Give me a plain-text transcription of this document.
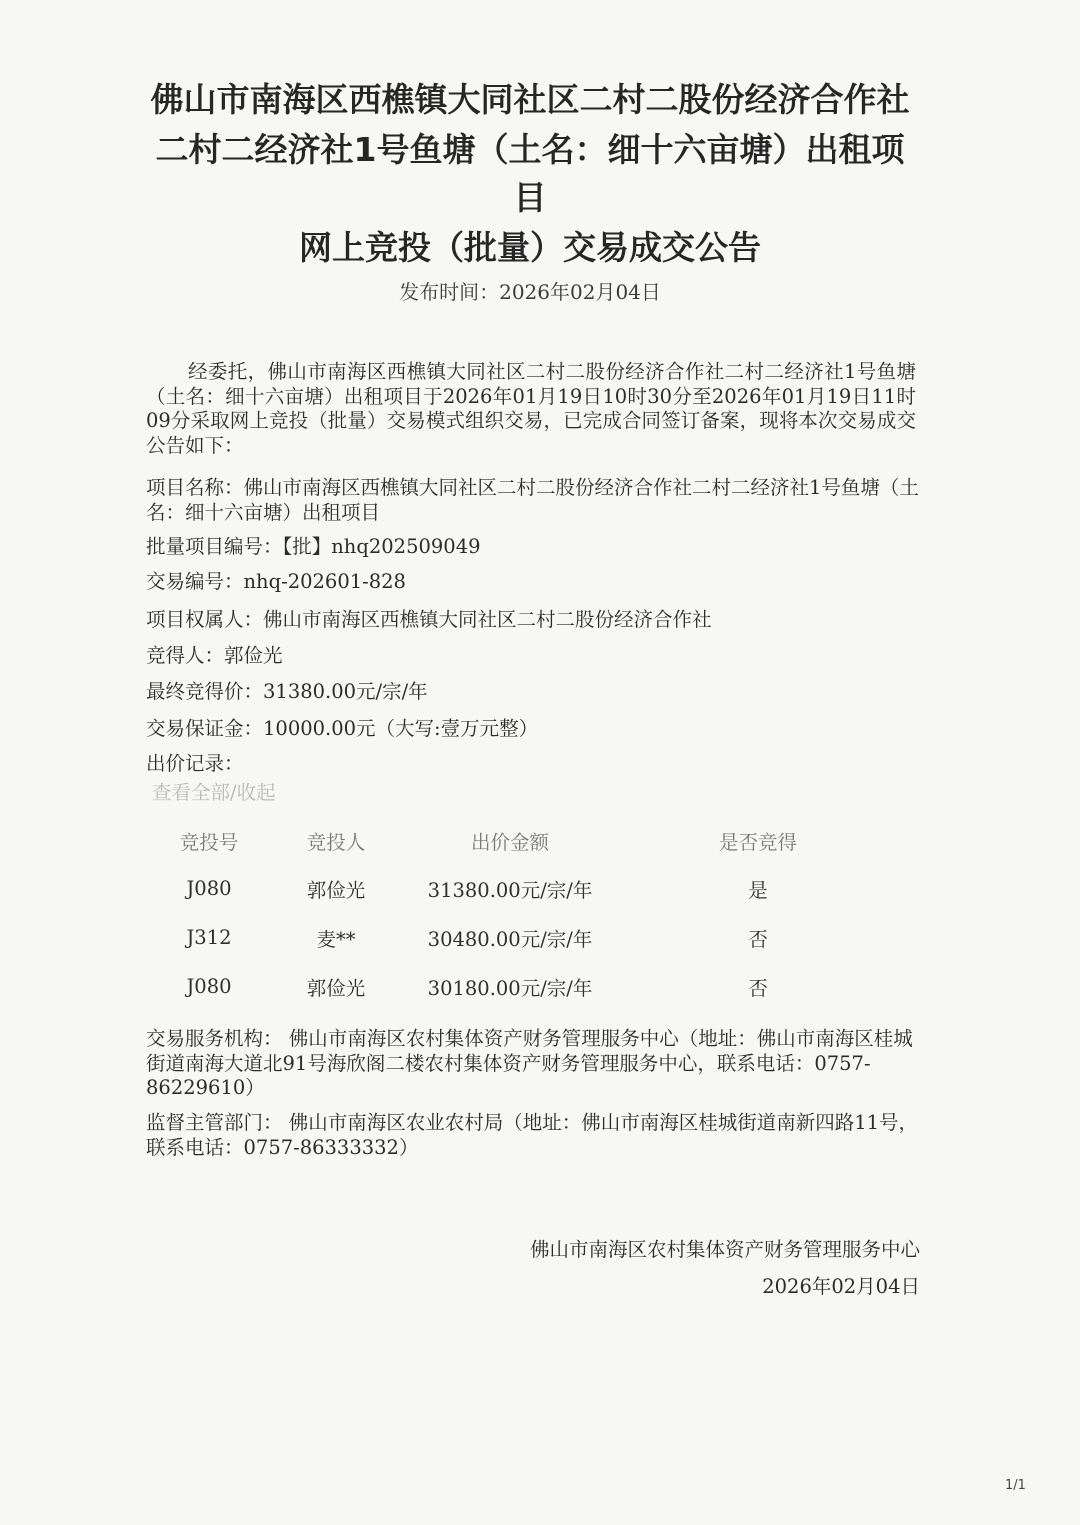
佛山市南海区西樵镇大同社区二村二股份经济合作社
二村二经济社1号鱼塘（土名：细十六亩塘）出租项
目
网上竞投（批量）交易成交公告
发布时间：2026年02月04日

经委托，佛山市南海区西樵镇大同社区二村二股份经济合作社二村二经济社1号鱼塘（土名：细十六亩塘）出租项目于2026年01月19日10时30分至2026年01月19日11时09分采取网上竞投（批量）交易模式组织交易，已完成合同签订备案，现将本次交易成交公告如下：

项目名称：佛山市南海区西樵镇大同社区二村二股份经济合作社二村二经济社1号鱼塘（土名：细十六亩塘）出租项目

批量项目编号：【批】nhq202509049

交易编号：nhq-202601-828

项目权属人：佛山市南海区西樵镇大同社区二村二股份经济合作社

竞得人：郭俭光

最终竞得价：31380.00元/宗/年

交易保证金：10000.00元（大写:壹万元整）

出价记录：

查看全部/收起
竞投号	竞投人	出价金额	是否竞得
J080	郭俭光	31380.00元/宗/年	是
J312	麦**	30480.00元/宗/年	否
J080	郭俭光	30180.00元/宗/年	否

交易服务机构： 佛山市南海区农村集体资产财务管理服务中心（地址：佛山市南海区桂城街道南海大道北91号海欣阁二楼农村集体资产财务管理服务中心，联系电话：0757-86229610）

监督主管部门： 佛山市南海区农业农村局（地址：佛山市南海区桂城街道南新四路11号，联系电话：0757-86333332）

佛山市南海区农村集体资产财务管理服务中心
2026年02月04日
1/1
